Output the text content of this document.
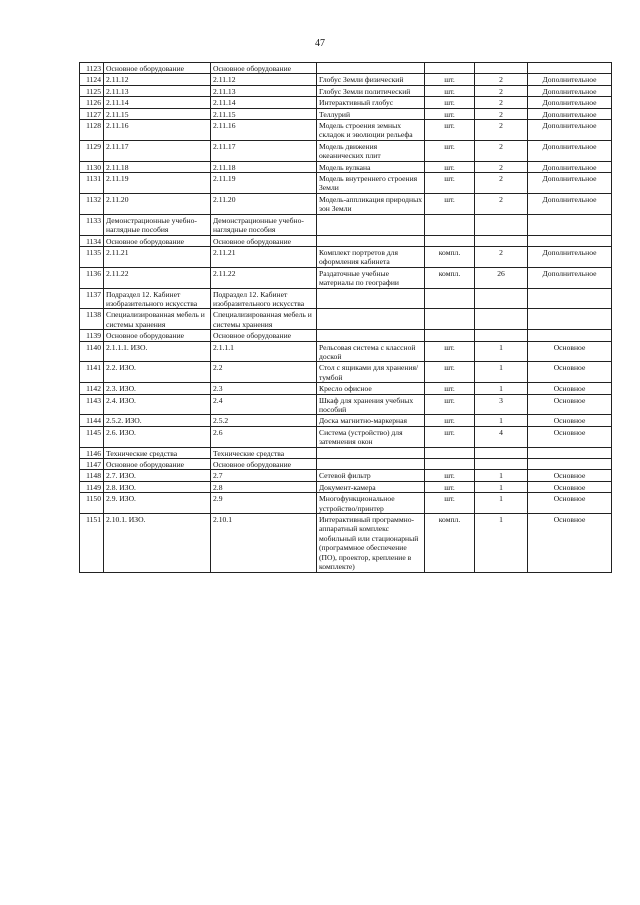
47
1123	Основное оборудование	Основное оборудование				
1124	2.11.12	2.11.12	Глобус Земли физический	шт.	2	Дополнительное
1125	2.11.13	2.11.13	Глобус Земли политический	шт.	2	Дополнительное
1126	2.11.14	2.11.14	Интерактивный глобус	шт.	2	Дополнительное
1127	2.11.15	2.11.15	Теллурий	шт.	2	Дополнительное
1128	2.11.16	2.11.16	Модель строения земных складок и эволюции рельефа	шт.	2	Дополнительное
1129	2.11.17	2.11.17	Модель движения океанических плит	шт.	2	Дополнительное
1130	2.11.18	2.11.18	Модель вулкана	шт.	2	Дополнительное
1131	2.11.19	2.11.19	Модель внутреннего строения Земли	шт.	2	Дополнительное
1132	2.11.20	2.11.20	Модель-аппликация природных зон Земли	шт.	2	Дополнительное
1133	Демонстрационные учебно-наглядные пособия	Демонстрационные учебно-наглядные пособия				
1134	Основное оборудование	Основное оборудование				
1135	2.11.21	2.11.21	Комплект портретов для оформления кабинета	компл.	2	Дополнительное
1136	2.11.22	2.11.22	Раздаточные учебные материалы по географии	компл.	26	Дополнительное
1137	Подраздел 12. Кабинет изобразительного искусства	Подраздел 12. Кабинет изобразительного искусства				
1138	Специализированная мебель и системы хранения	Специализированная мебель и системы хранения				
1139	Основное оборудование	Основное оборудование				
1140	2.1.1.1. ИЗО.	2.1.1.1	Рельсовая система с классной доской	шт.	1	Основное
1141	2.2. ИЗО.	2.2	Стол с ящиками для хранения/тумбой	шт.	1	Основное
1142	2.3. ИЗО.	2.3	Кресло офисное	шт.	1	Основное
1143	2.4. ИЗО.	2.4	Шкаф для хранения учебных пособий	шт.	3	Основное
1144	2.5.2. ИЗО.	2.5.2	Доска магнитно-маркерная	шт.	1	Основное
1145	2.6. ИЗО.	2.6	Система (устройство) для затемнения окон	шт.	4	Основное
1146	Технические средства	Технические средства				
1147	Основное оборудование	Основное оборудование				
1148	2.7. ИЗО.	2.7	Сетевой фильтр	шт.	1	Основное
1149	2.8. ИЗО.	2.8	Документ-камера	шт.	1	Основное
1150	2.9. ИЗО.	2.9	Многофункциональное устройство/принтер	шт.	1	Основное
1151	2.10.1. ИЗО.	2.10.1	Интерактивный программно-аппаратный комплекс мобильный или стационарный (программное обеспечение (ПО), проектор, крепление в комплекте)	компл.	1	Основное
